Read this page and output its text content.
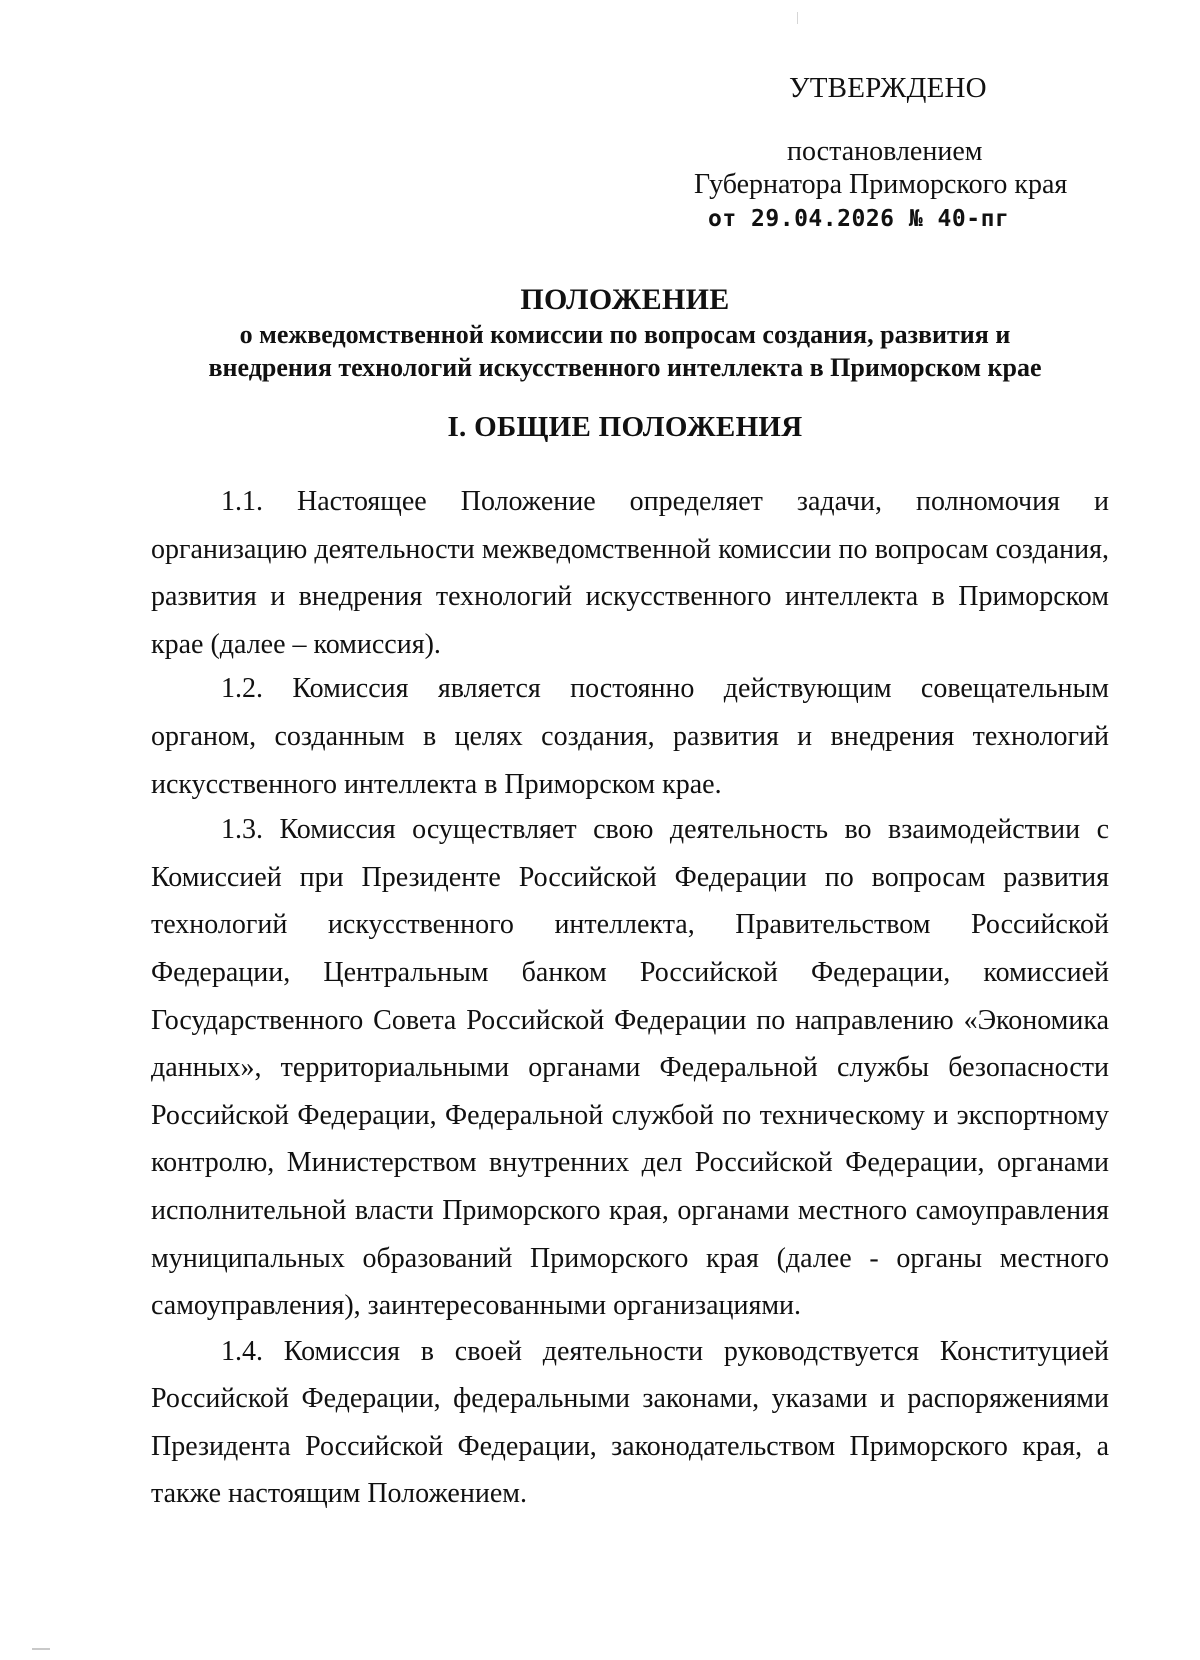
УТВЕРЖДЕНО
постановлением
Губернатора Приморского края
от 29.04.2026 № 40-пг
ПОЛОЖЕНИЕ
о межведомственной комиссии по вопросам создания, развития и
внедрения технологий искусственного интеллекта в Приморском крае
I. ОБЩИЕ ПОЛОЖЕНИЯ

1.1. Настоящее Положение определяет задачи, полномочия и организацию деятельности межведомственной комиссии по вопросам создания, развития и внедрения технологий искусственного интеллекта в Приморском крае (далее – комиссия).

1.2. Комиссия является постоянно действующим совещательным органом, созданным в целях создания, развития и внедрения технологий искусственного интеллекта в Приморском крае.

1.3. Комиссия осуществляет свою деятельность во взаимодействии с Комиссией при Президенте Российской Федерации по вопросам развития технологий искусственного интеллекта, Правительством Российской Федерации, Центральным банком Российской Федерации, комиссией Государственного Совета Российской Федерации по направлению «Экономика данных», территориальными органами Федеральной службы безопасности Российской Федерации, Федеральной службой по техническому и экспортному контролю, Министерством внутренних дел Российской Федерации, органами исполнительной власти Приморского края, органами местного самоуправления муниципальных образований Приморского края (далее - органы местного самоуправления), заинтересованными организациями.

1.4. Комиссия в своей деятельности руководствуется Конституцией Российской Федерации, федеральными законами, указами и распоряжениями Президента Российской Федерации, законодательством Приморского края, а также настоящим Положением.
